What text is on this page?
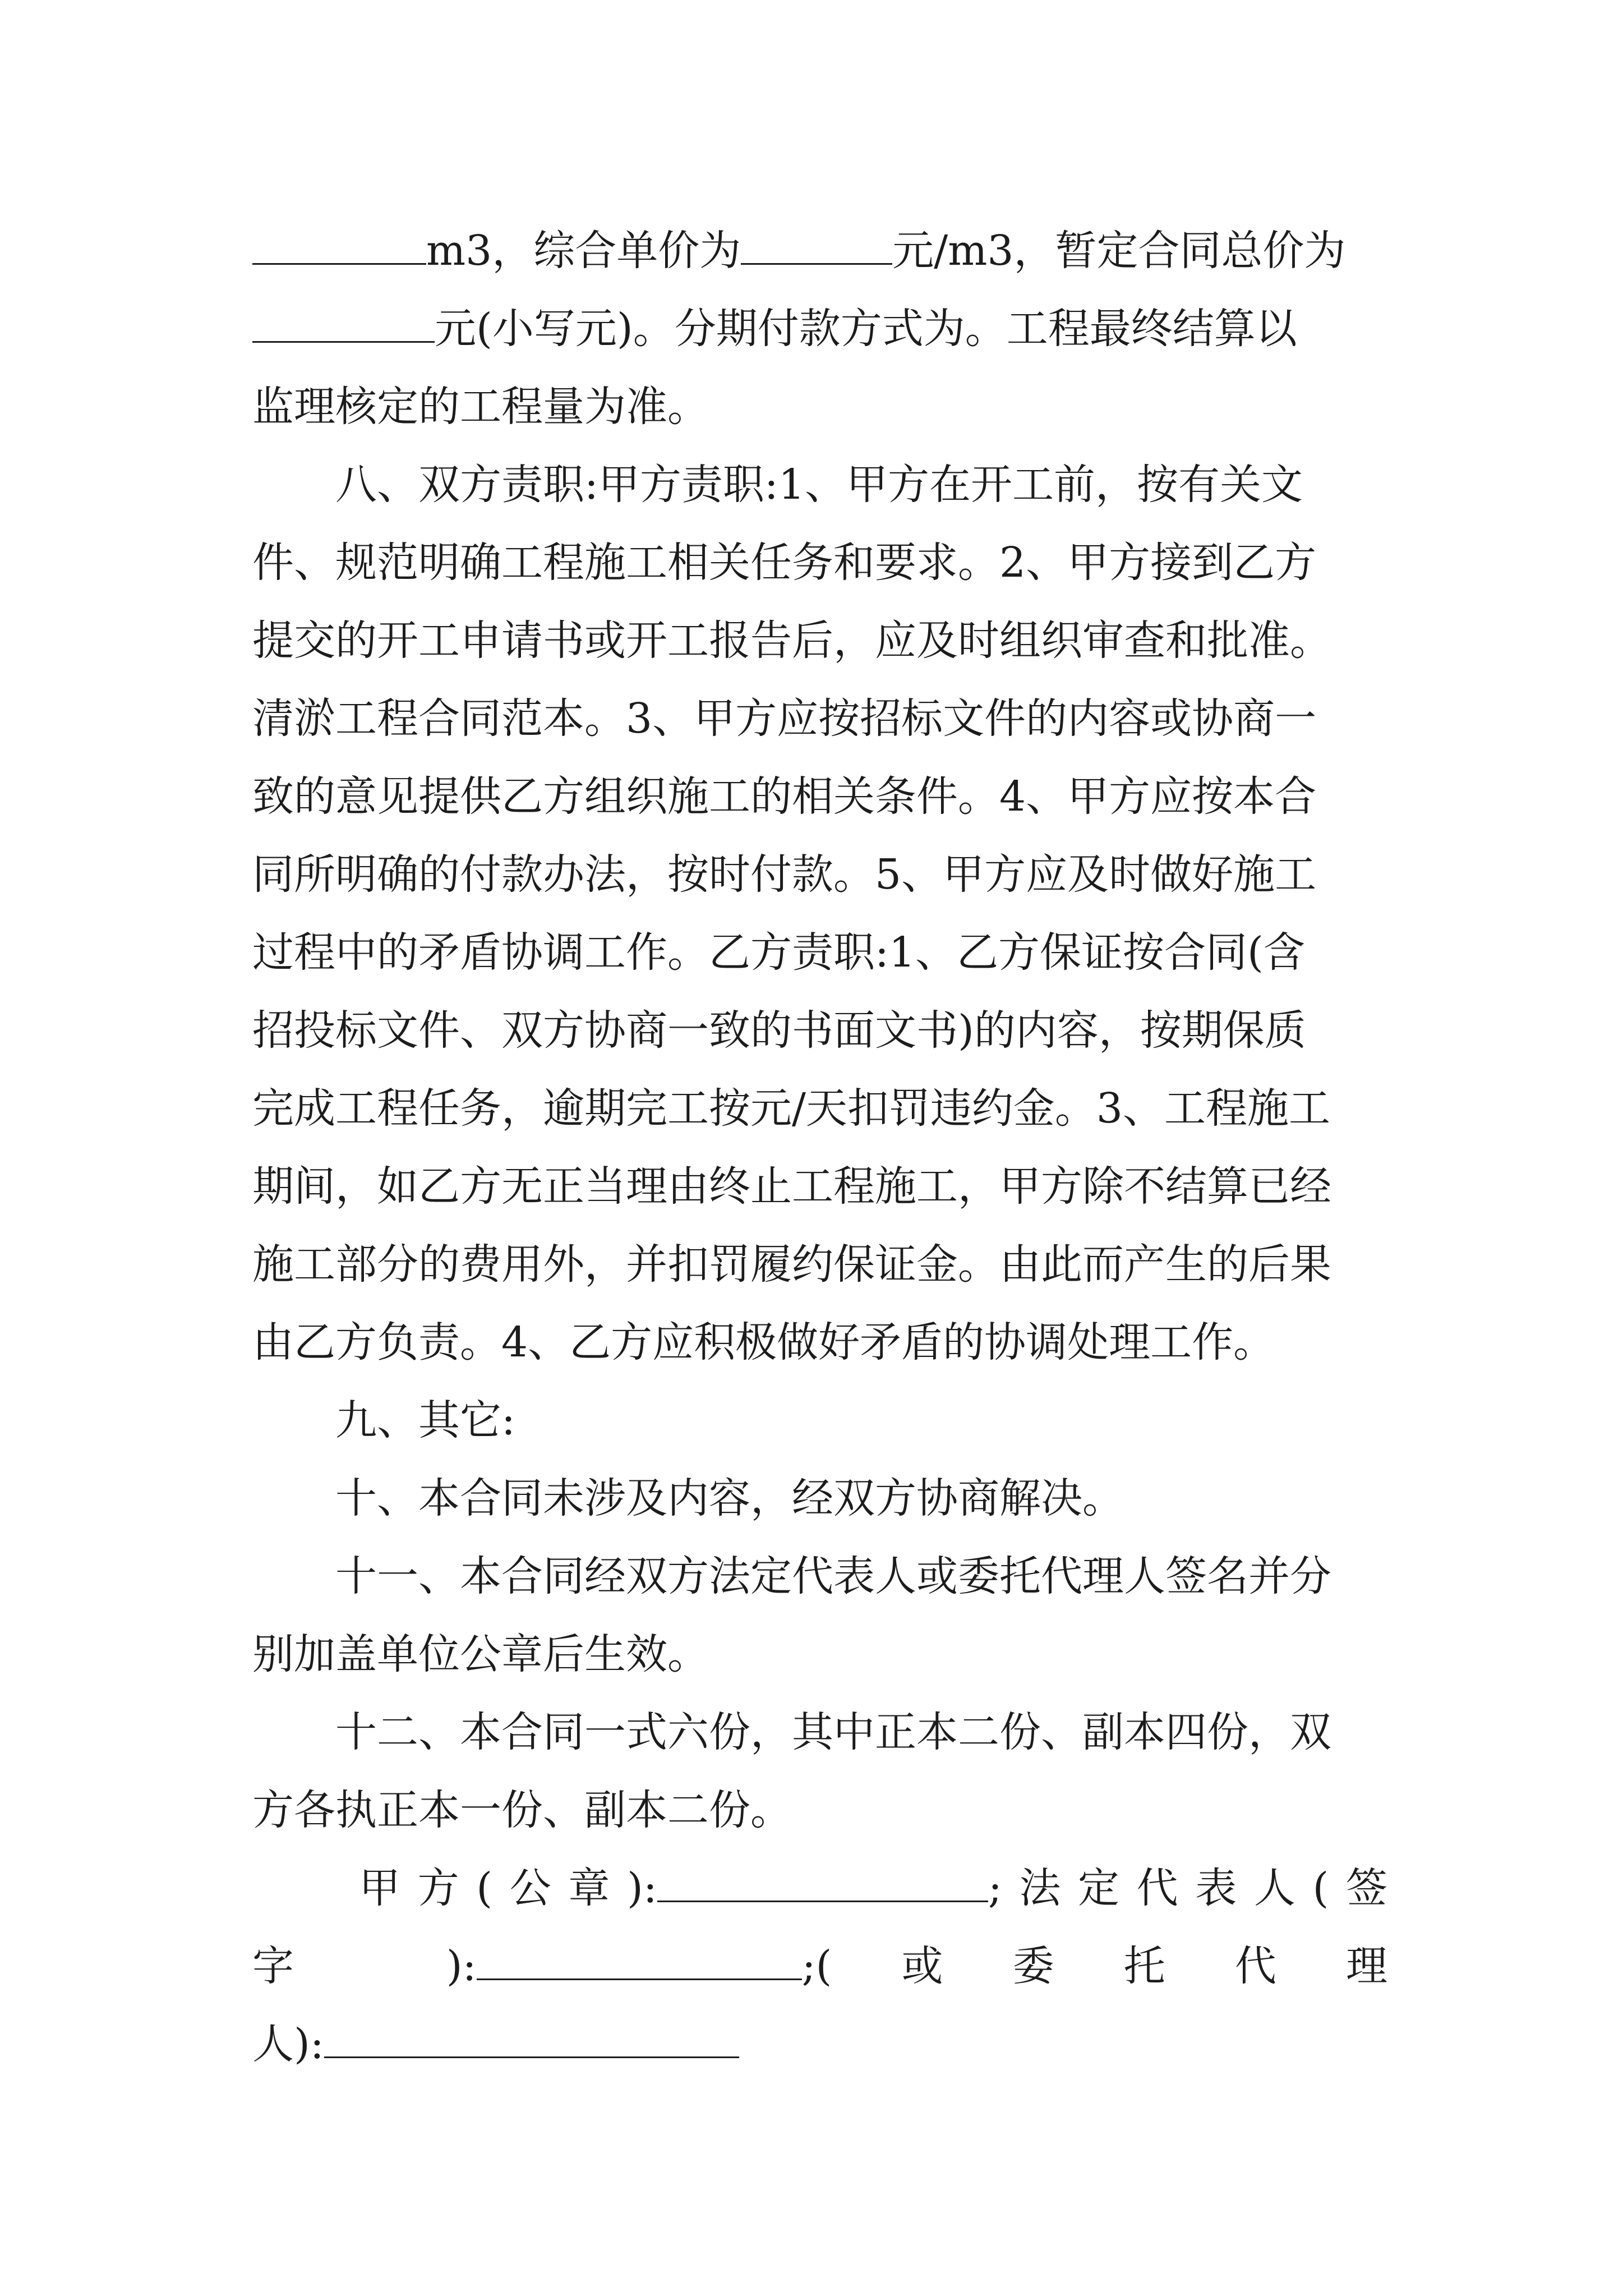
m3，综合单价为	元/m3，暂定合同总价为
元(小写元)。分期付款方式为。工程最终结算以
监理核定的工程量为准。
八、双方责职:甲方责职:1、甲方在开工前，按有关文
件、规范明确工程施工相关任务和要求。2、甲方接到乙方
提交的开工申请书或开工报告后，应及时组织审查和批准。
清淤工程合同范本。3、甲方应按招标文件的内容或协商一
致的意见提供乙方组织施工的相关条件。4、甲方应按本合
同所明确的付款办法，按时付款。5、甲方应及时做好施工
过程中的矛盾协调工作。乙方责职:1、乙方保证按合同(含
招投标文件、双方协商一致的书面文书)的内容，按期保质
完成工程任务，逾期完工按元/天扣罚违约金。3、工程施工
期间，如乙方无正当理由终止工程施工，甲方除不结算已经
施工部分的费用外，并扣罚履约保证金。由此而产生的后果
由乙方负责。4、乙方应积极做好矛盾的协调处理工作。
九、其它:
十、本合同未涉及内容，经双方协商解决。
十一、本合同经双方法定代表人或委托代理人签名并分
别加盖单位公章后生效。
十二、本合同一式六份，其中正本二份、副本四份，双
方各执正本一份、副本二份。
甲方(公章):	;法定代表人(签
字 ):	;(或委托代理
人):
